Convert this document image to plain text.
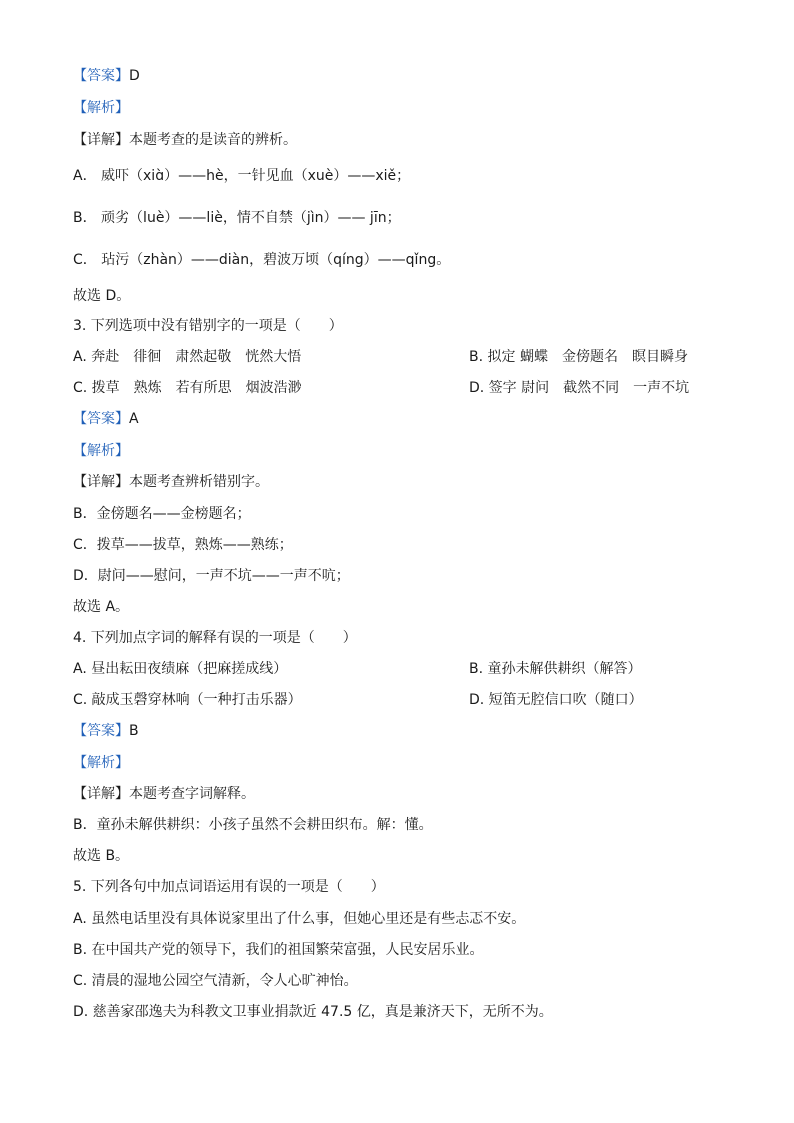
【答案】D
【解析】
【详解】本题考查的是读音的辨析。
A． 威吓（xiɑ̀）——hè，一针见血（xuè）——xiě；
B． 顽劣（luè）——liè，情不自禁（jìn）—— jīn；
C． 玷污（zhàn）——diàn，碧波万顷（qíng）——qǐng。
故选 D。
3. 下列选项中没有错别字的一项是（　　）
A. 奔赴　徘徊　肃然起敬　恍然大悟	B. 拟定 蝴蝶　金傍题名　瞑目瞬身
C. 拨草　熟炼　若有所思　烟波浩渺	D. 签字 尉问　截然不同　一声不坑
【答案】A
【解析】
【详解】本题考查辨析错别字。
B．金傍题名——金榜题名；
C．拨草——拔草，熟炼——熟练；
D．尉问——慰问，一声不坑——一声不吭；
故选 A。
4. 下列加点字词的解释有误的一项是（　　）
A. 昼出耘田夜绩麻（把麻搓成线）	B. 童孙未解供耕织（解答）
C. 敲成玉磬穿林响（一种打击乐器）	D. 短笛无腔信口吹（随口）
【答案】B
【解析】
【详解】本题考查字词解释。
B．童孙未解供耕织：小孩子虽然不会耕田织布。解：懂。
故选 B。
5. 下列各句中加点词语运用有误的一项是（　　）
A. 虽然电话里没有具体说家里出了什么事，但她心里还是有些忐忑不安。
B. 在中国共产党的领导下，我们的祖国繁荣富强，人民安居乐业。
C. 清晨的湿地公园空气清新，令人心旷神怡。
D. 慈善家邵逸夫为科教文卫事业捐款近 47.5 亿，真是兼济天下，无所不为。
